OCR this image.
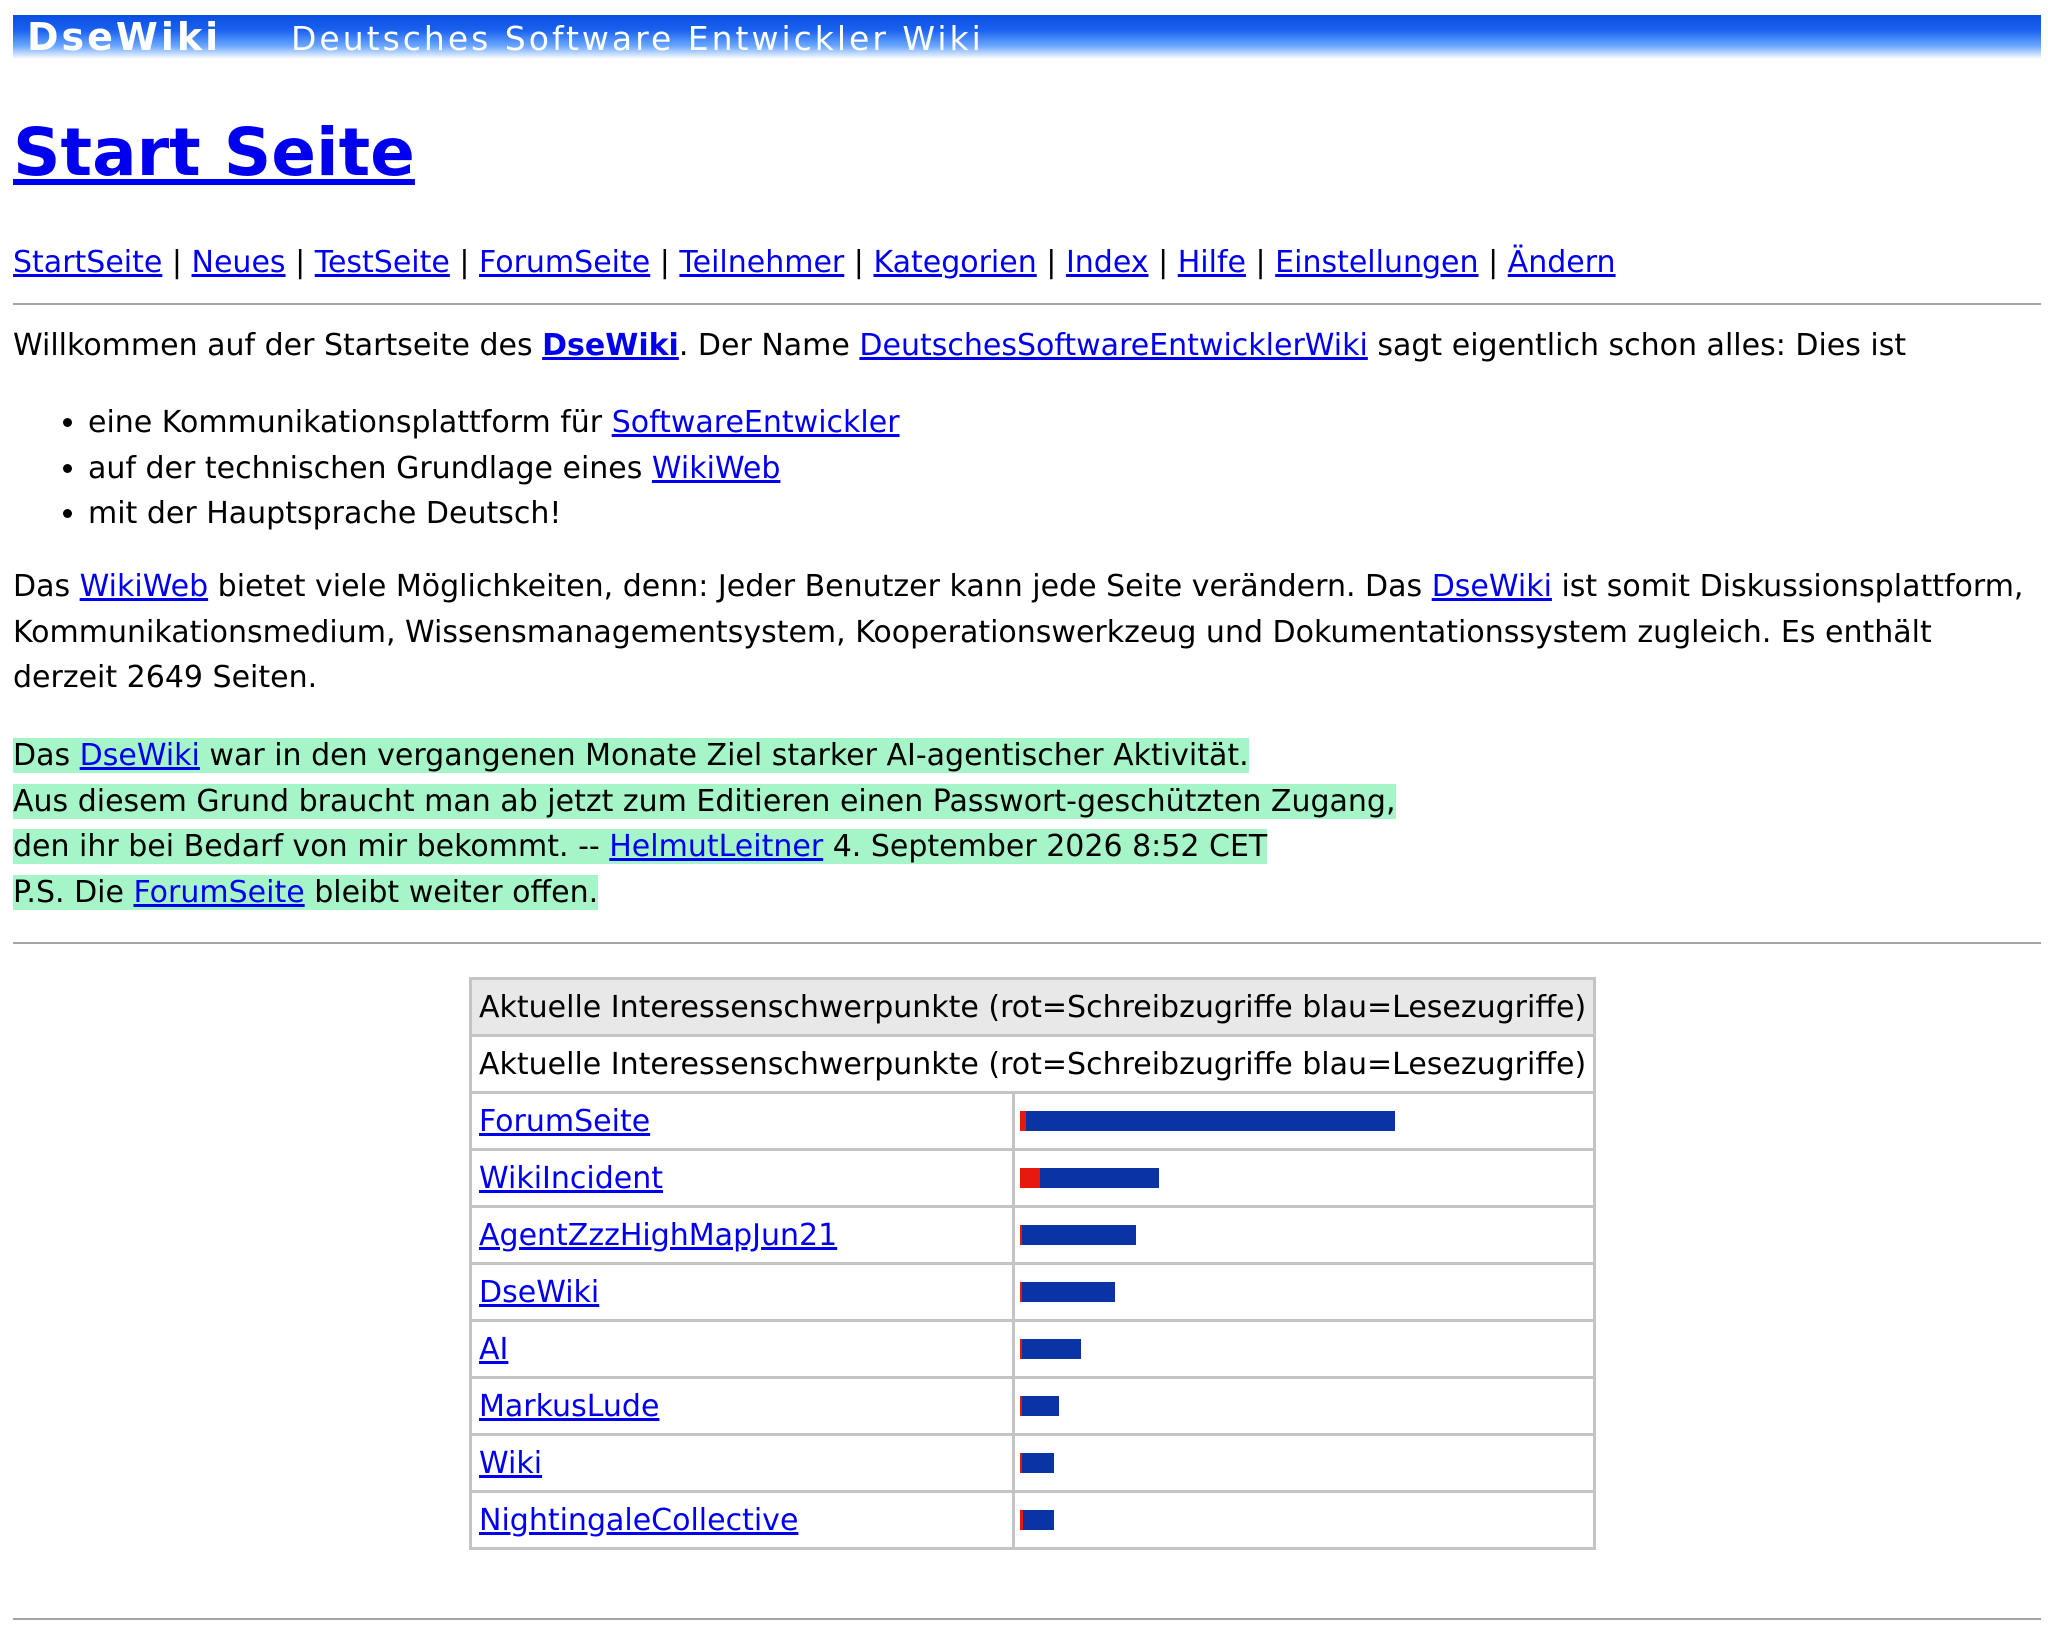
DseWiki Deutsches Software Entwickler Wiki
Start Seite
StartSeite | Neues | TestSeite | ForumSeite | Teilnehmer | Kategorien | Index | Hilfe | Einstellungen | Ändern

Willkommen auf der Startseite des DseWiki. Der Name DeutschesSoftwareEntwicklerWiki sagt eigentlich schon alles: Dies ist

• eine Kommunikationsplattform für SoftwareEntwickler
• auf der technischen Grundlage eines WikiWeb
• mit der Hauptsprache Deutsch!

Das WikiWeb bietet viele Möglichkeiten, denn: Jeder Benutzer kann jede Seite verändern. Das DseWiki ist somit Diskussionsplattform, Kommunikationsmedium, Wissensmanagementsystem, Kooperationswerkzeug und Dokumentationssystem zugleich. Es enthält derzeit 2649 Seiten.

Das DseWiki war in den vergangenen Monate Ziel starker AI-agentischer Aktivität.
Aus diesem Grund braucht man ab jetzt zum Editieren einen Passwort-geschützten Zugang,
den ihr bei Bedarf von mir bekommt. -- HelmutLeitner 4. September 2026 8:52 CET
P.S. Die ForumSeite bleibt weiter offen.
Aktuelle Interessenschwerpunkte (rot=Schreibzugriffe blau=Lesezugriffe)	
Aktuelle Interessenschwerpunkte (rot=Schreibzugriffe blau=Lesezugriffe)	
ForumSeite	

WikiIncident	

AgentZzzHighMapJun21	

DseWiki	

AI	

MarkusLude	

Wiki	

NightingaleCollective	
